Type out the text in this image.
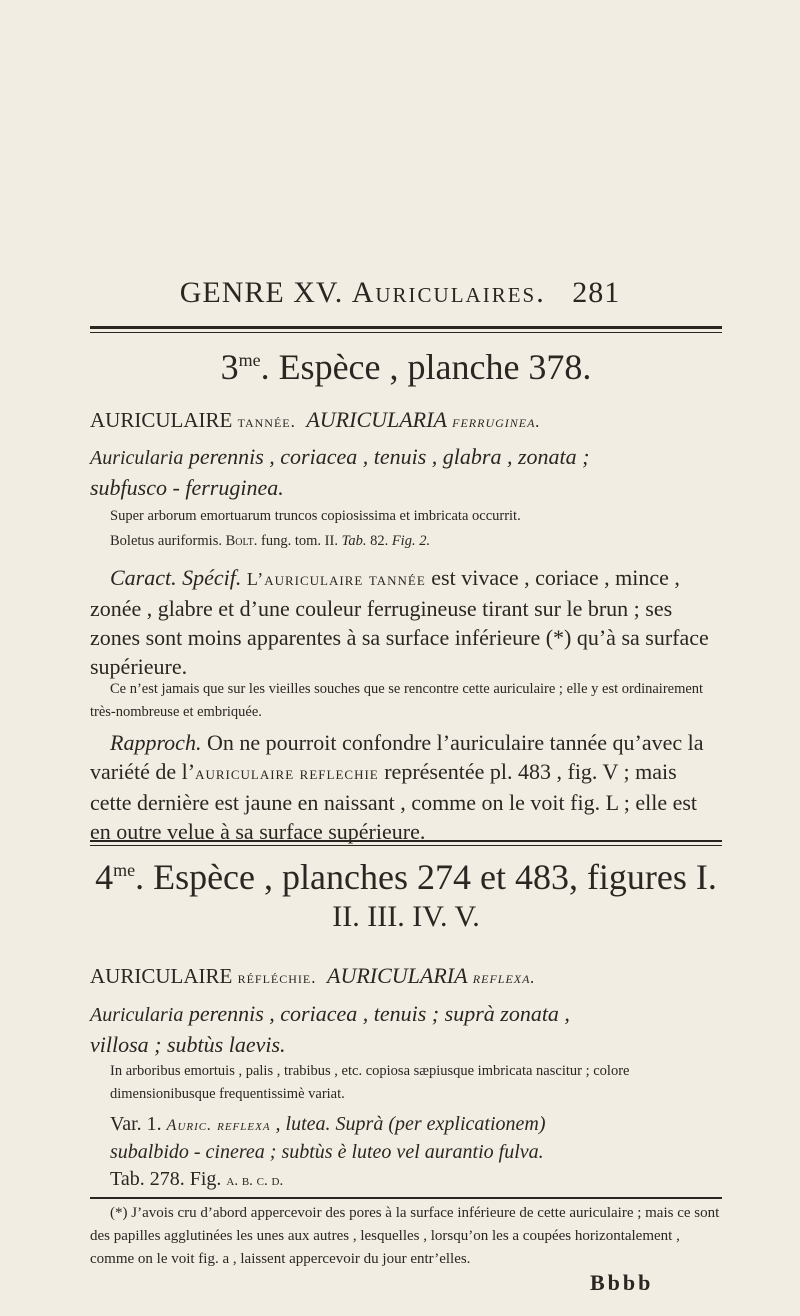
GENRE XV. Auriculaires. 281
$3^{me}$. Espèce , planche 378.
AURICULAIRE tannée. AURICULARIA ferruginea.
Auricularia perennis , coriacea , tenuis , glabra , zonata ;
subfusco - ferruginea.
Super arborum emortuarum truncos copiosissima et imbricata occurrit.
Boletus auriformis. Bolt. fung. tom. II. Tab. 82. Fig. 2.
Caract. Spécif. L’auriculaire tannée est vivace , coriace , mince , zonée , glabre et d’une couleur ferrugineuse tirant sur le brun ; ses zones sont moins apparentes à sa surface inférieure (*) qu’à sa surface supérieure.
Ce n’est jamais que sur les vieilles souches que se rencontre cette auriculaire ; elle y est ordinairement très-nombreuse et embriquée.
Rapproch. On ne pourroit confondre l’auriculaire tannée qu’avec la variété de l’auriculaire reflechie représentée pl. 483 , fig. V ; mais cette dernière est jaune en naissant , comme on le voit fig. L ; elle est en outre velue à sa surface supérieure.
$4^{me}$. Espèce , planches 274 et 483, figures I.
II. III. IV. V.
AURICULAIRE réfléchie. AURICULARIA reflexa.
Auricularia perennis , coriacea , tenuis ; suprà zonata ,
villosa ; subtùs laevis.
In arboribus emortuis , palis , trabibus , etc. copiosa sæpiusque imbricata nascitur ; colore dimensionibusque frequentissimè variat.
Var. 1. Auric. reflexa , lutea. Suprà (per explicationem)
subalbido - cinerea ; subtùs è luteo vel aurantio fulva.
Tab. 278. Fig. a. b. c. d.
(*) J’avois cru d’abord appercevoir des pores à la surface inférieure de cette auriculaire ; mais ce sont des papilles agglutinées les unes aux autres , lesquelles , lorsqu’on les a coupées horizontalement , comme on le voit fig. a , laissent appercevoir du jour entr’elles.
Bbbb
